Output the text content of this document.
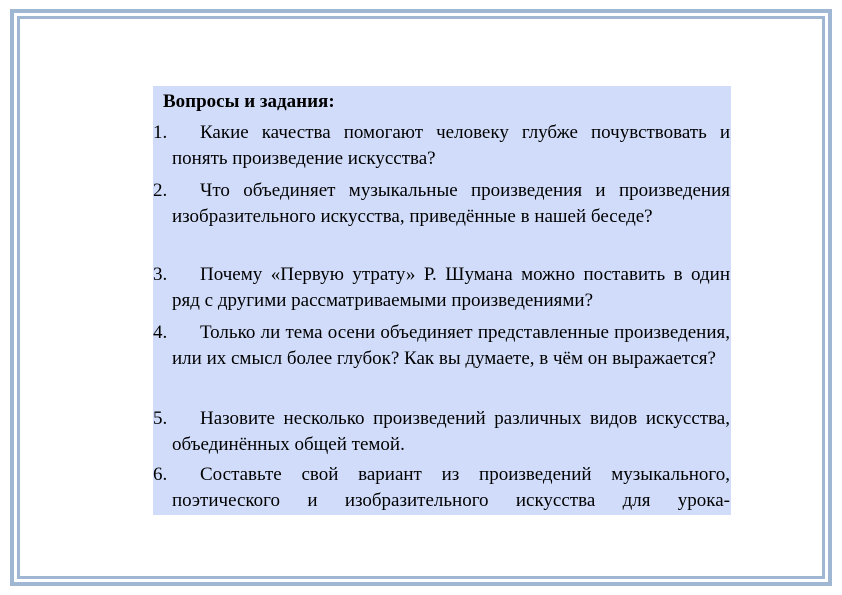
Вопросы и задания:
1.	Какие качества помогают человеку глубже почувствовать и понять произведение искусства?
2.	Что объединяет музыкальные произведения и произведения изобразительного искусства, приведённые в нашей беседе?
3.	Почему «Первую утрату» Р. Шумана можно поставить в один ряд с другими рассматриваемыми произведениями?
4.	Только ли тема осени объединяет представленные произведения, или их смысл более глубок? Как вы думаете, в чём он выражается?
5.	Назовите несколько произведений различных видов искусства, объединённых общей темой.
6.	Составьте свой вариант из произведений музыкального, поэтического и изобразительного искусства для урока-
